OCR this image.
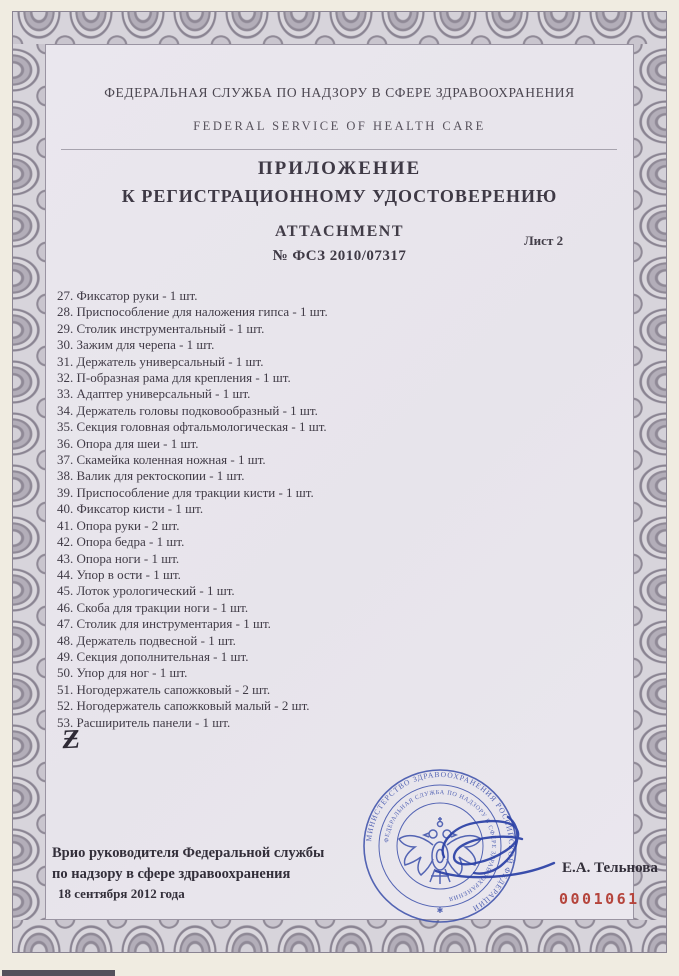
ФЕДЕРАЛЬНАЯ СЛУЖБА ПО НАДЗОРУ В СФЕРЕ ЗДРАВООХРАНЕНИЯ
FEDERAL SERVICE OF HEALTH CARE
ПРИЛОЖЕНИЕ
К РЕГИСТРАЦИОННОМУ УДОСТОВЕРЕНИЮ
ATTACHMENT
Лист 2
№ ФСЗ 2010/07317
27. Фиксатор руки - 1 шт.
28. Приспособление для наложения гипса - 1 шт.
29. Столик инструментальный - 1 шт.
30. Зажим для черепа - 1 шт.
31. Держатель универсальный - 1 шт.
32. П-образная рама для крепления - 1 шт.
33. Адаптер универсальный - 1 шт.
34. Держатель головы подковообразный - 1 шт.
35. Секция головная офтальмологическая - 1 шт.
36. Опора для шеи - 1 шт.
37. Скамейка коленная ножная - 1 шт.
38. Валик для ректоскопии - 1 шт.
39. Приспособление для тракции кисти - 1 шт.
40. Фиксатор кисти - 1 шт.
41. Опора руки - 2 шт.
42. Опора бедра - 1 шт.
43. Опора ноги - 1 шт.
44. Упор в ости - 1 шт.
45. Лоток урологический - 1 шт.
46. Скоба для тракции ноги - 1 шт.
47. Столик для инструментария - 1 шт.
48. Держатель подвесной - 1 шт.
49. Секция дополнительная - 1 шт.
50. Упор для ног - 1 шт.
51. Ногодержатель сапожковый - 2 шт.
52. Ногодержатель сапожковый малый - 2 шт.
53. Расширитель панели - 1 шт.
Ƶ
Врио руководителя Федеральной службы
по надзору в сфере здравоохранения
18 сентября 2012 года
МИНИСТЕРСТВО ЗДРАВООХРАНЕНИЯ РОССИЙСКОЙ ФЕДЕРАЦИИ
ФЕДЕРАЛЬНАЯ СЛУЖБА ПО НАДЗОРУ В СФЕРЕ ЗДРАВООХРАНЕНИЯ
✱
Е.А. Тельнова
0001061
